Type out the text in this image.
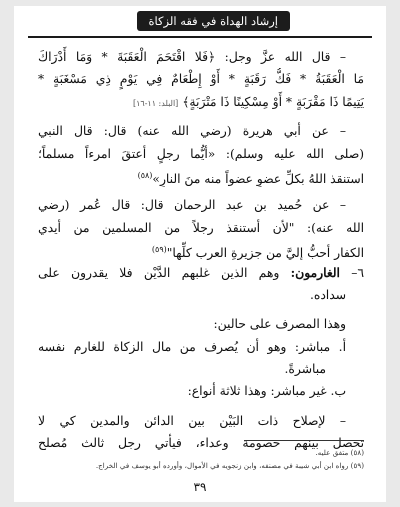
إرشاد الهداة في فقه الزكاة
– قال الله عزَّ وجل: ﴿فَلا اقْتَحَمَ الْعَقَبَةَ * وَمَا أَدْرَاكَ
مَا الْعَقَبَةُ * فَكُّ رَقَبَةٍ * أَوْ إِطْعَامٌ فِي يَوْمٍ ذِي مَسْغَبَةٍ *
يَتِيمًا ذَا مَقْرَبَةٍ * أَوْ مِسْكِينًا ذَا مَتْرَبَةٍ﴾ [البلد: ١١-١٦]
– عن أبي هريرة (رضي الله عنه) قال: قال النبي
(صلى الله عليه وسلم): «أيُّما رجلٍ أعتقَ امرءاً مسلماً؛
استنقذ اللهُ بكلِّ عضوٍ عضواً منه منَ النارِ»$^{(٥٨)}$
– عن حُميد بن عبد الرحمان قال: قال عُمر (رضي
الله عنه): "لأن أستنقذ رجلاً من المسلمين من أيدي
الكفار أحبُّ إليَّ من جزيرةِ العرب كلِّها"$^{(٥٩)}$
٦– الغارمون: وهم الذين غلبهم الدَّيْن فلا يقدرون على
سداده.
وهذا المصرف على حالين:
أ. مباشر: وهو أن يُصرف من مال الزكاة للغارم نفسه
مباشرةً.
ب. غير مباشر: وهذا ثلاثة أنواع:
– لإصلاح ذات البَيْن بين الدائن والمدين كي لا
تحصل بينهم خصومة وعداء، فيأتي رجل ثالث مُصلح
(٥٨) متفق عليه.
(٥٩) رواه ابن أبي شيبة في مصنفه، وابن زنجويه في الأموال، وأورده أبو يوسف في الخراج.
٣٩
